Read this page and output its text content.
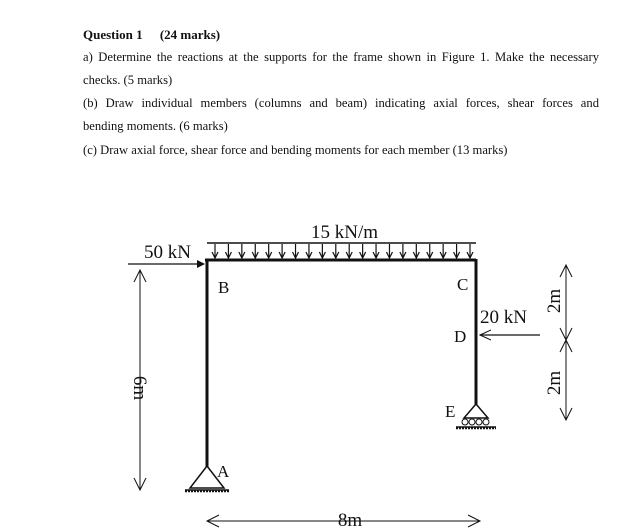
Question 1 (24 marks)
a) Determine the reactions at the supports for the frame shown in Figure 1. Make the necessary
checks. (5 marks)
(b) Draw individual members (columns and beam) indicating axial forces, shear forces and
bending moments. (6 marks)
(c) Draw axial force, shear force and bending moments for each member (13 marks)
15 kN/m
50 kN
20 kN
B	C
D
E
A
6m
8m
2m
2m
